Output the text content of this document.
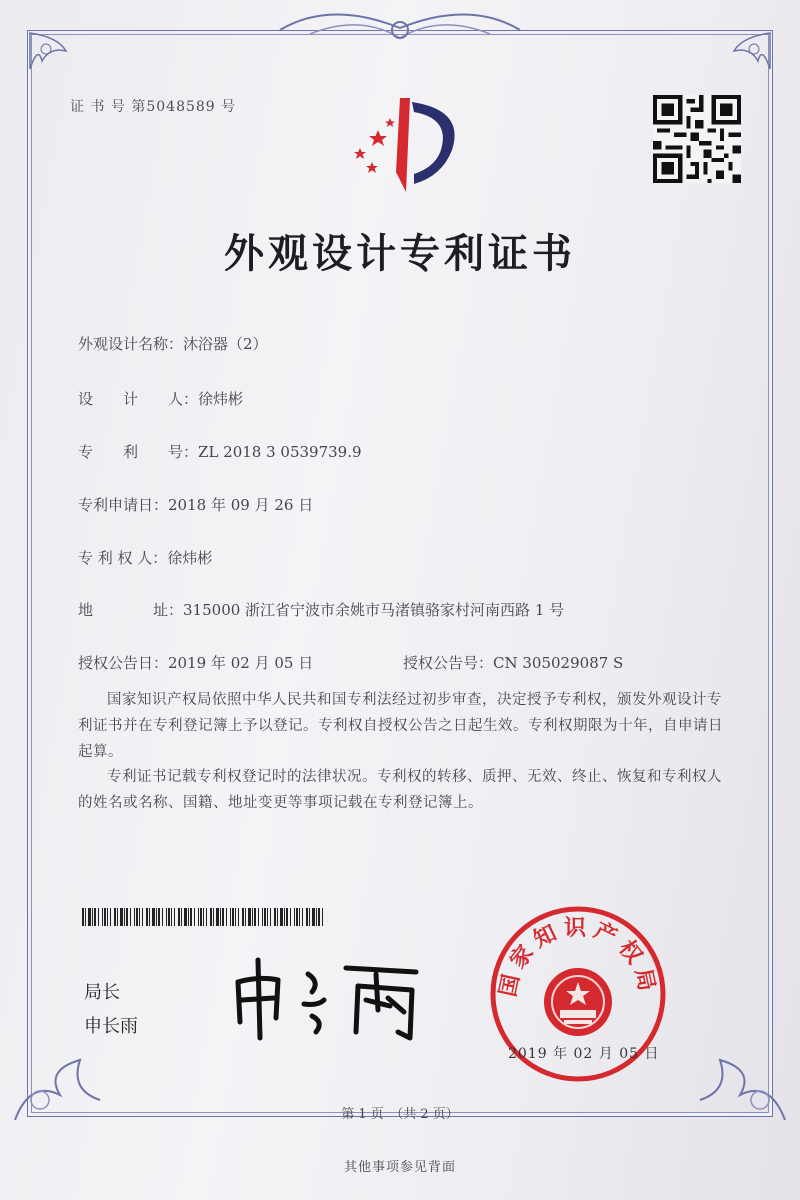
证 书 号 第5048589 号
外观设计专利证书
外观设计名称：沐浴器（2）
设　　计　　人：徐炜彬
专　　利　　号：ZL 2018 3 0539739.9
专利申请日：2018 年 09 月 26 日
专 利 权 人：徐炜彬
地　　　　址：315000 浙江省宁波市余姚市马渚镇骆家村河南西路 1 号
授权公告日：2019 年 02 月 05 日	授权公告号：CN 305029087 S
国家知识产权局依照中华人民共和国专利法经过初步审查，决定授予专利权，颁发外观设计专利证书并在专利登记簿上予以登记。专利权自授权公告之日起生效。专利权期限为十年，自申请日起算。
专利证书记载专利权登记时的法律状况。专利权的转移、质押、无效、终止、恢复和专利权人的姓名或名称、国籍、地址变更等事项记载在专利登记簿上。
局长
申长雨
国家知识产权局
2019 年 02 月 05 日
第 1 页　（共 2 页）
其他事项参见背面
